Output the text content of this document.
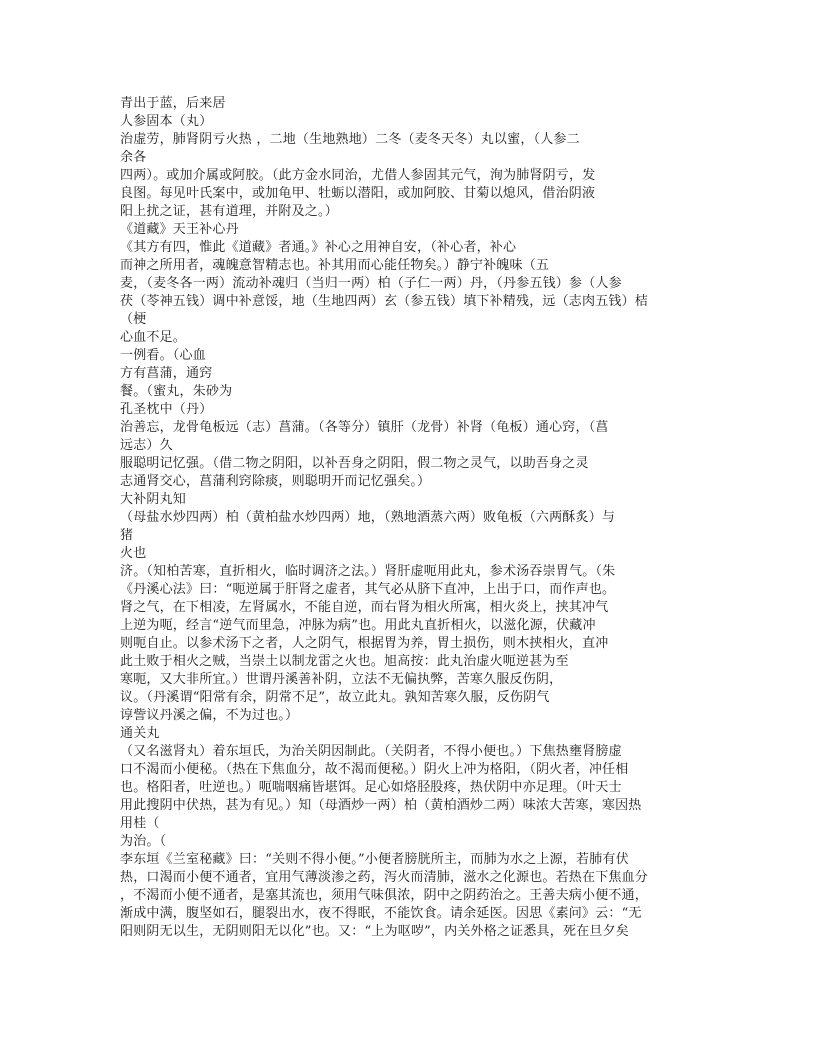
青出于蓝，后来居
人参固本（丸）
治虚劳，肺肾阴亏火热 ，二地（生地熟地）二冬（麦冬天冬）丸以蜜，（人参二
余各
四两）。或加介属或阿胶。（此方金水同治，尤借人参固其元气，洵为肺肾阴亏，发
良图。每见叶氏案中，或加龟甲、牡蛎以潜阳，或加阿胶、甘菊以熄风，借治阴液
阳上扰之证，甚有道理，并附及之。）
《道藏》天王补心丹
《其方有四，惟此《道藏》者通。》补心之用神自安，（补心者，补心
而神之所用者，魂魄意智精志也。补其用而心能任物矣。）静宁补魄味（五
麦，（麦冬各一两）流动补魂归（当归一两）柏（子仁一两）丹，（丹参五钱）参（人参
茯（苓神五钱）调中补意馁，地（生地四两）玄（参五钱）填下补精残，远（志肉五钱）桔
（梗
心血不足。
一例看。（心血
方有菖蒲，通窍
餐。（蜜丸，朱砂为
孔圣枕中（丹）
治善忘，龙骨龟板远（志）菖蒲。（各等分）镇肝（龙骨）补肾（龟板）通心窍，（菖
远志）久
服聪明记忆强。（借二物之阴阳，以补吾身之阴阳，假二物之灵气，以助吾身之灵
志通肾交心，菖蒲利窍除痰，则聪明开而记忆强矣。）
大补阴丸知
（母盐水炒四两）柏（黄柏盐水炒四两）地，（熟地酒蒸六两）败龟板（六两酥炙）与
猪
火也
济。（知柏苦寒，直折相火，临时调济之法。）肾肝虚呃用此丸，参术汤吞崇胃气。（朱
《丹溪心法》曰：“呃逆属于肝肾之虚者，其气必从脐下直冲，上出于口，而作声也。
肾之气，在下相凌，左肾属水，不能自逆，而右肾为相火所寓，相火炎上，挟其冲气
上逆为呃，经言“逆气而里急，冲脉为病”也。用此丸直折相火，以滋化源，伏藏冲
则呃自止。以参术汤下之者，人之阴气，根据胃为养，胃土损伤，则木挟相火，直冲
此土败于相火之贼，当崇土以制龙雷之火也。旭高按：此丸治虚火呃逆甚为至
寒呃，又大非所宜。）世谓丹溪善补阴，立法不无偏执弊，苦寒久服反伤阴，
议。（丹溪谓“阳常有余，阴常不足”，故立此丸。孰知苦寒久服，反伤阴气
谆訾议丹溪之偏，不为过也。）
通关丸
（又名滋肾丸）着东垣氏，为治关阴因制此。（关阴者，不得小便也。）下焦热壅肾膀虚
口不渴而小便秘。（热在下焦血分，故不渴而便秘。）阴火上冲为格阳，（阴火者，冲任相
也。格阳者，吐逆也。）呃喘咽痛皆堪饵。足心如烙胫股疼，热伏阴中亦足理。（叶天士
用此搜阴中伏热，甚为有见。）知（母酒炒一两）柏（黄柏酒炒二两）味浓大苦寒，寒因热
用桂（
为治。（
李东垣《兰室秘藏》曰：“关则不得小便。”小便者膀胱所主，而肺为水之上源，若肺有伏
热，口渴而小便不通者，宜用气薄淡渗之药，泻火而清肺，滋水之化源也。若热在下焦血分
，不渴而小便不通者，是塞其流也，须用气味俱浓，阴中之阴药治之。王善夫病小便不通，
渐成中满，腹坚如石，腿裂出水，夜不得眠，不能饮食。请余延医。因思《素问》云：“无
阳则阴无以生，无阴则阳无以化”也。又：“上为呕哕”，内关外格之证悉具，死在旦夕矣
